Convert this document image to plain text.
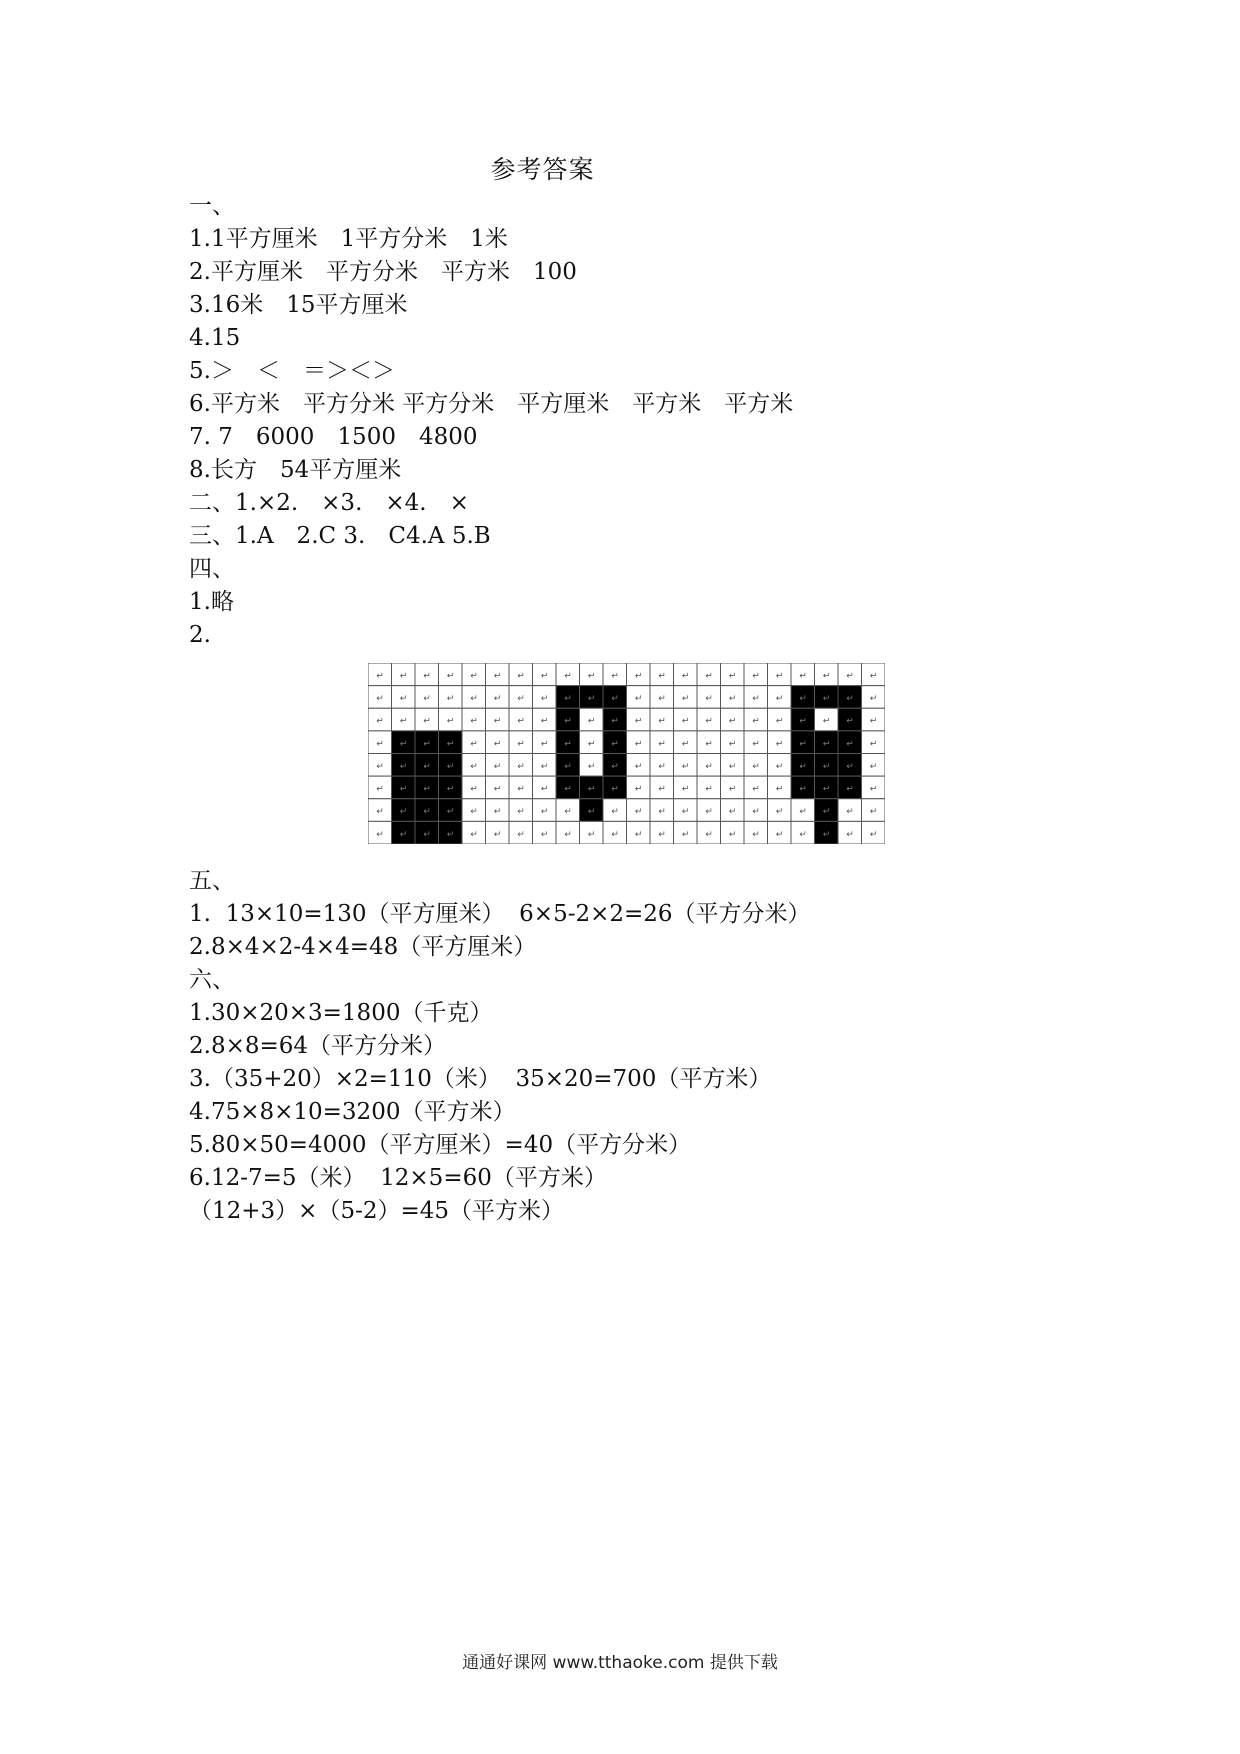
参考答案
一、
1.1平方厘米　1平方分米　1米
2.平方厘米　平方分米　平方米　100
3.16米　15平方厘米
4.15
5.＞　＜　＝＞＜＞
6.平方米　平方分米 平方分米　平方厘米　平方米　平方米
7. 7　6000　1500　4800
8.长方　54平方厘米
二、1.×2.　×3.　×4.　×
三、1.A　2.C 3.　C4.A 5.B
四、
1.略
2.
↵ ↵ ↵ ↵ ↵ ↵ ↵ ↵ ↵ ↵ ↵ ↵ ↵ ↵ ↵ ↵ ↵ ↵ ↵ ↵ ↵ ↵
↵ ↵ ↵ ↵ ↵ ↵ ↵ ↵ ↵ ↵ ↵ ↵ ↵ ↵ ↵ ↵ ↵ ↵ ↵ ↵ ↵ ↵
↵ ↵ ↵ ↵ ↵ ↵ ↵ ↵ ↵ ↵ ↵ ↵ ↵ ↵ ↵ ↵ ↵ ↵ ↵ ↵ ↵ ↵
↵ ↵ ↵ ↵ ↵ ↵ ↵ ↵ ↵ ↵ ↵ ↵ ↵ ↵ ↵ ↵ ↵ ↵ ↵ ↵ ↵ ↵
↵ ↵ ↵ ↵ ↵ ↵ ↵ ↵ ↵ ↵ ↵ ↵ ↵ ↵ ↵ ↵ ↵ ↵ ↵ ↵ ↵ ↵
↵ ↵ ↵ ↵ ↵ ↵ ↵ ↵ ↵ ↵ ↵ ↵ ↵ ↵ ↵ ↵ ↵ ↵ ↵ ↵ ↵ ↵
↵ ↵ ↵ ↵ ↵ ↵ ↵ ↵ ↵ ↵ ↵ ↵ ↵ ↵ ↵ ↵ ↵ ↵ ↵ ↵ ↵ ↵
↵ ↵ ↵ ↵ ↵ ↵ ↵ ↵ ↵ ↵ ↵ ↵ ↵ ↵ ↵ ↵ ↵ ↵ ↵ ↵ ↵ ↵
五、
1.  13×10=130（平方厘米）  6×5-2×2=26（平方分米）
2.8×4×2-4×4=48（平方厘米）
六、
1.30×20×3=1800（千克）
2.8×8=64（平方分米）
3.（35+20）×2=110（米）  35×20=700（平方米）
4.75×8×10=3200（平方米）
5.80×50=4000（平方厘米）=40（平方分米）
6.12-7=5（米）  12×5=60（平方米）
（12+3）×（5-2）=45（平方米）
通通好课网 www.tthaoke.com 提供下载
